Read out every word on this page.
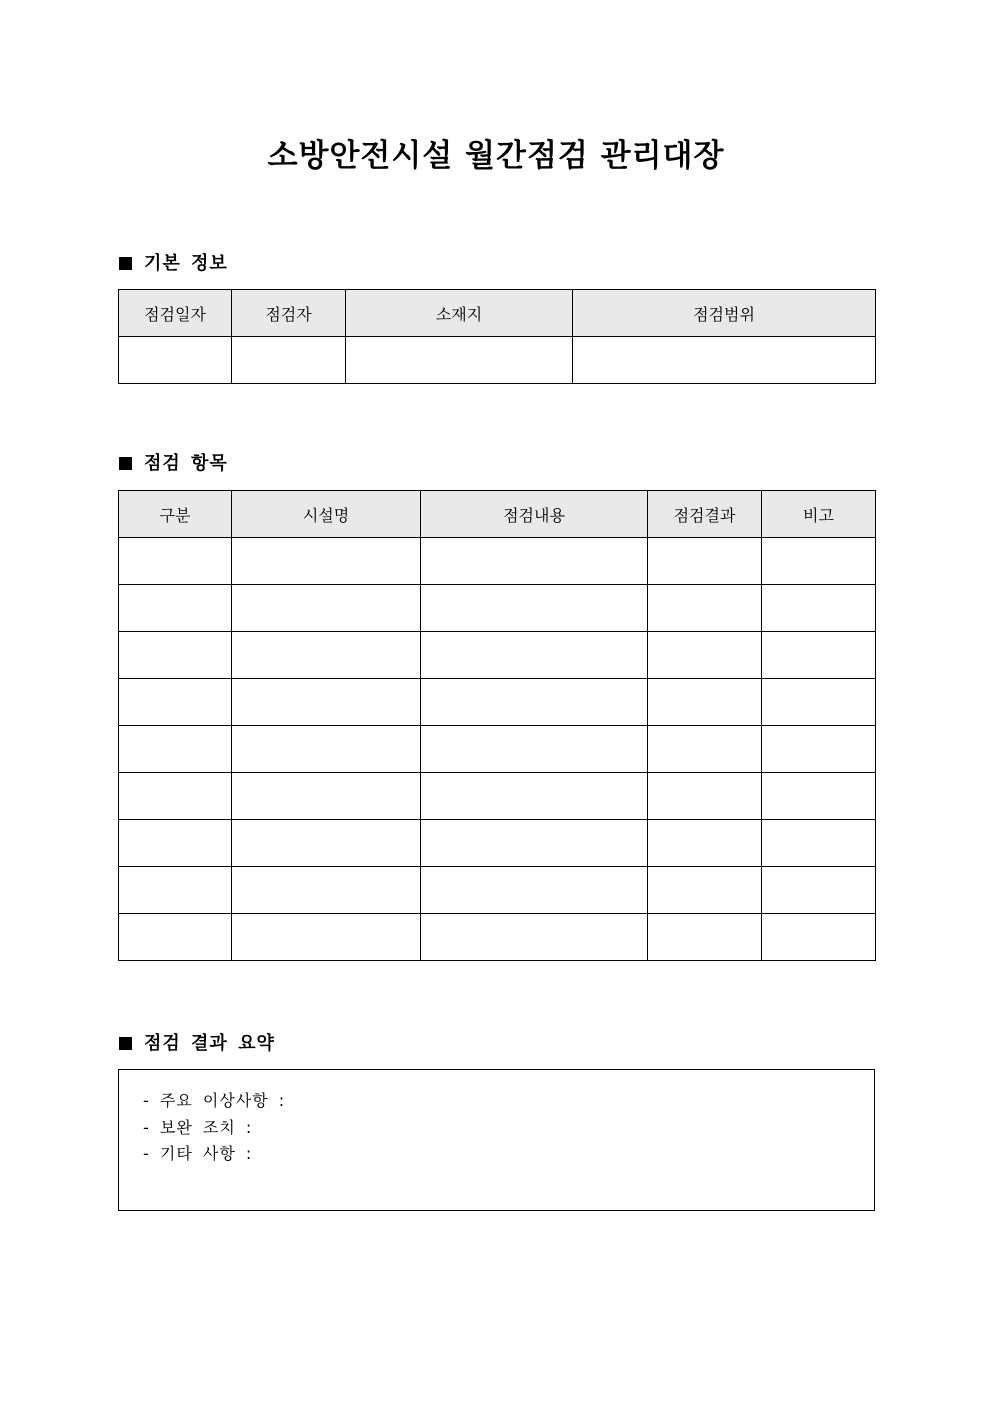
소방안전시설 월간점검 관리대장
기본 정보
점검일자	점검자	소재지	점검범위

점검 항목
구분	시설명	점검내용	점검결과	비고

점검 결과 요약
- 주요 이상사항 :
- 보완 조치 :
- 기타 사항 :
